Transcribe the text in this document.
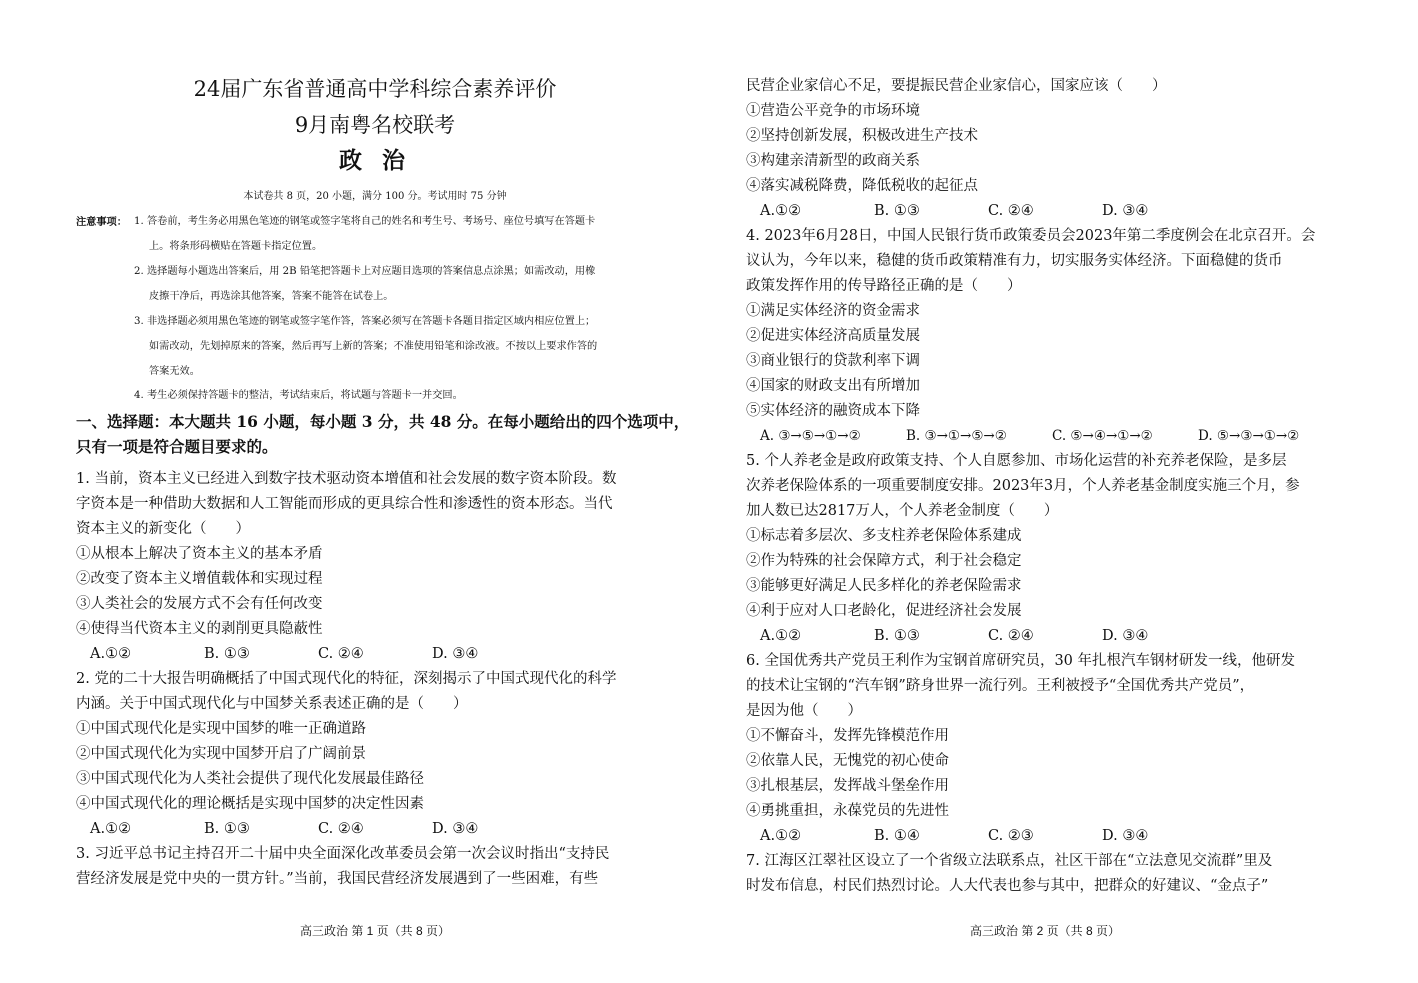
24届广东省普通高中学科综合素养评价
9月南粤名校联考
政 治
本试卷共 8 页，20 小题，满分 100 分。考试用时 75 分钟
注意事项： 1. 答卷前，考生务必用黑色笔迹的钢笔或签字笔将自己的姓名和考生号、考场号、座位号填写在答题卡
上。将条形码横贴在答题卡指定位置。
2. 选择题每小题选出答案后，用 2B 铅笔把答题卡上对应题目选项的答案信息点涂黑；如需改动，用橡
皮擦干净后，再选涂其他答案，答案不能答在试卷上。
3. 非选择题必须用黑色笔迹的钢笔或签字笔作答，答案必须写在答题卡各题目指定区域内相应位置上；
如需改动，先划掉原来的答案，然后再写上新的答案；不准使用铅笔和涂改液。不按以上要求作答的
答案无效。
4. 考生必须保持答题卡的整洁，考试结束后，将试题与答题卡一并交回。
一、选择题：本大题共 16 小题，每小题 3 分，共 48 分。在每小题给出的四个选项中，
只有一项是符合题目要求的。
1. 当前，资本主义已经进入到数字技术驱动资本增值和社会发展的数字资本阶段。数
字资本是一种借助大数据和人工智能而形成的更具综合性和渗透性的资本形态。当代
资本主义的新变化（　　）
①从根本上解决了资本主义的基本矛盾
②改变了资本主义增值载体和实现过程
③人类社会的发展方式不会有任何改变
④使得当代资本主义的剥削更具隐蔽性
A.①②	B. ①③	C. ②④	D. ③④
2. 党的二十大报告明确概括了中国式现代化的特征，深刻揭示了中国式现代化的科学
内涵。关于中国式现代化与中国梦关系表述正确的是（　　）
①中国式现代化是实现中国梦的唯一正确道路
②中国式现代化为实现中国梦开启了广阔前景
③中国式现代化为人类社会提供了现代化发展最佳路径
④中国式现代化的理论概括是实现中国梦的决定性因素
A.①②	B. ①③	C. ②④	D. ③④
3. 习近平总书记主持召开二十届中央全面深化改革委员会第一次会议时指出“支持民
营经济发展是党中央的一贯方针。”当前，我国民营经济发展遇到了一些困难，有些
高三政治 第 1 页（共 8 页）
民营企业家信心不足，要提振民营企业家信心，国家应该（　　）
①营造公平竞争的市场环境
②坚持创新发展，积极改进生产技术
③构建亲清新型的政商关系
④落实减税降费，降低税收的起征点
A.①②	B. ①③	C. ②④	D. ③④
4. 2023年6月28日，中国人民银行货币政策委员会2023年第二季度例会在北京召开。会
议认为，今年以来，稳健的货币政策精准有力，切实服务实体经济。下面稳健的货币
政策发挥作用的传导路径正确的是（　　）
①满足实体经济的资金需求
②促进实体经济高质量发展
③商业银行的贷款利率下调
④国家的财政支出有所增加
⑤实体经济的融资成本下降
A. ③→⑤→①→②	B. ③→①→⑤→②	C. ⑤→④→①→②	D. ⑤→③→①→②
5. 个人养老金是政府政策支持、个人自愿参加、市场化运营的补充养老保险，是多层
次养老保险体系的一项重要制度安排。2023年3月，个人养老基金制度实施三个月，参
加人数已达2817万人，个人养老金制度（　　）
①标志着多层次、多支柱养老保险体系建成
②作为特殊的社会保障方式，利于社会稳定
③能够更好满足人民多样化的养老保险需求
④利于应对人口老龄化，促进经济社会发展
A.①②	B. ①③	C. ②④	D. ③④
6. 全国优秀共产党员王利作为宝钢首席研究员，30 年扎根汽车钢材研发一线，他研发
的技术让宝钢的“汽车钢”跻身世界一流行列。王利被授予“全国优秀共产党员”，
是因为他（　　）
①不懈奋斗，发挥先锋模范作用
②依靠人民，无愧党的初心使命
③扎根基层，发挥战斗堡垒作用
④勇挑重担，永葆党员的先进性
A.①②	B. ①④	C. ②③	D. ③④
7. 江海区江翠社区设立了一个省级立法联系点，社区干部在“立法意见交流群”里及
时发布信息，村民们热烈讨论。人大代表也参与其中，把群众的好建议、“金点子”
高三政治 第 2 页（共 8 页）
